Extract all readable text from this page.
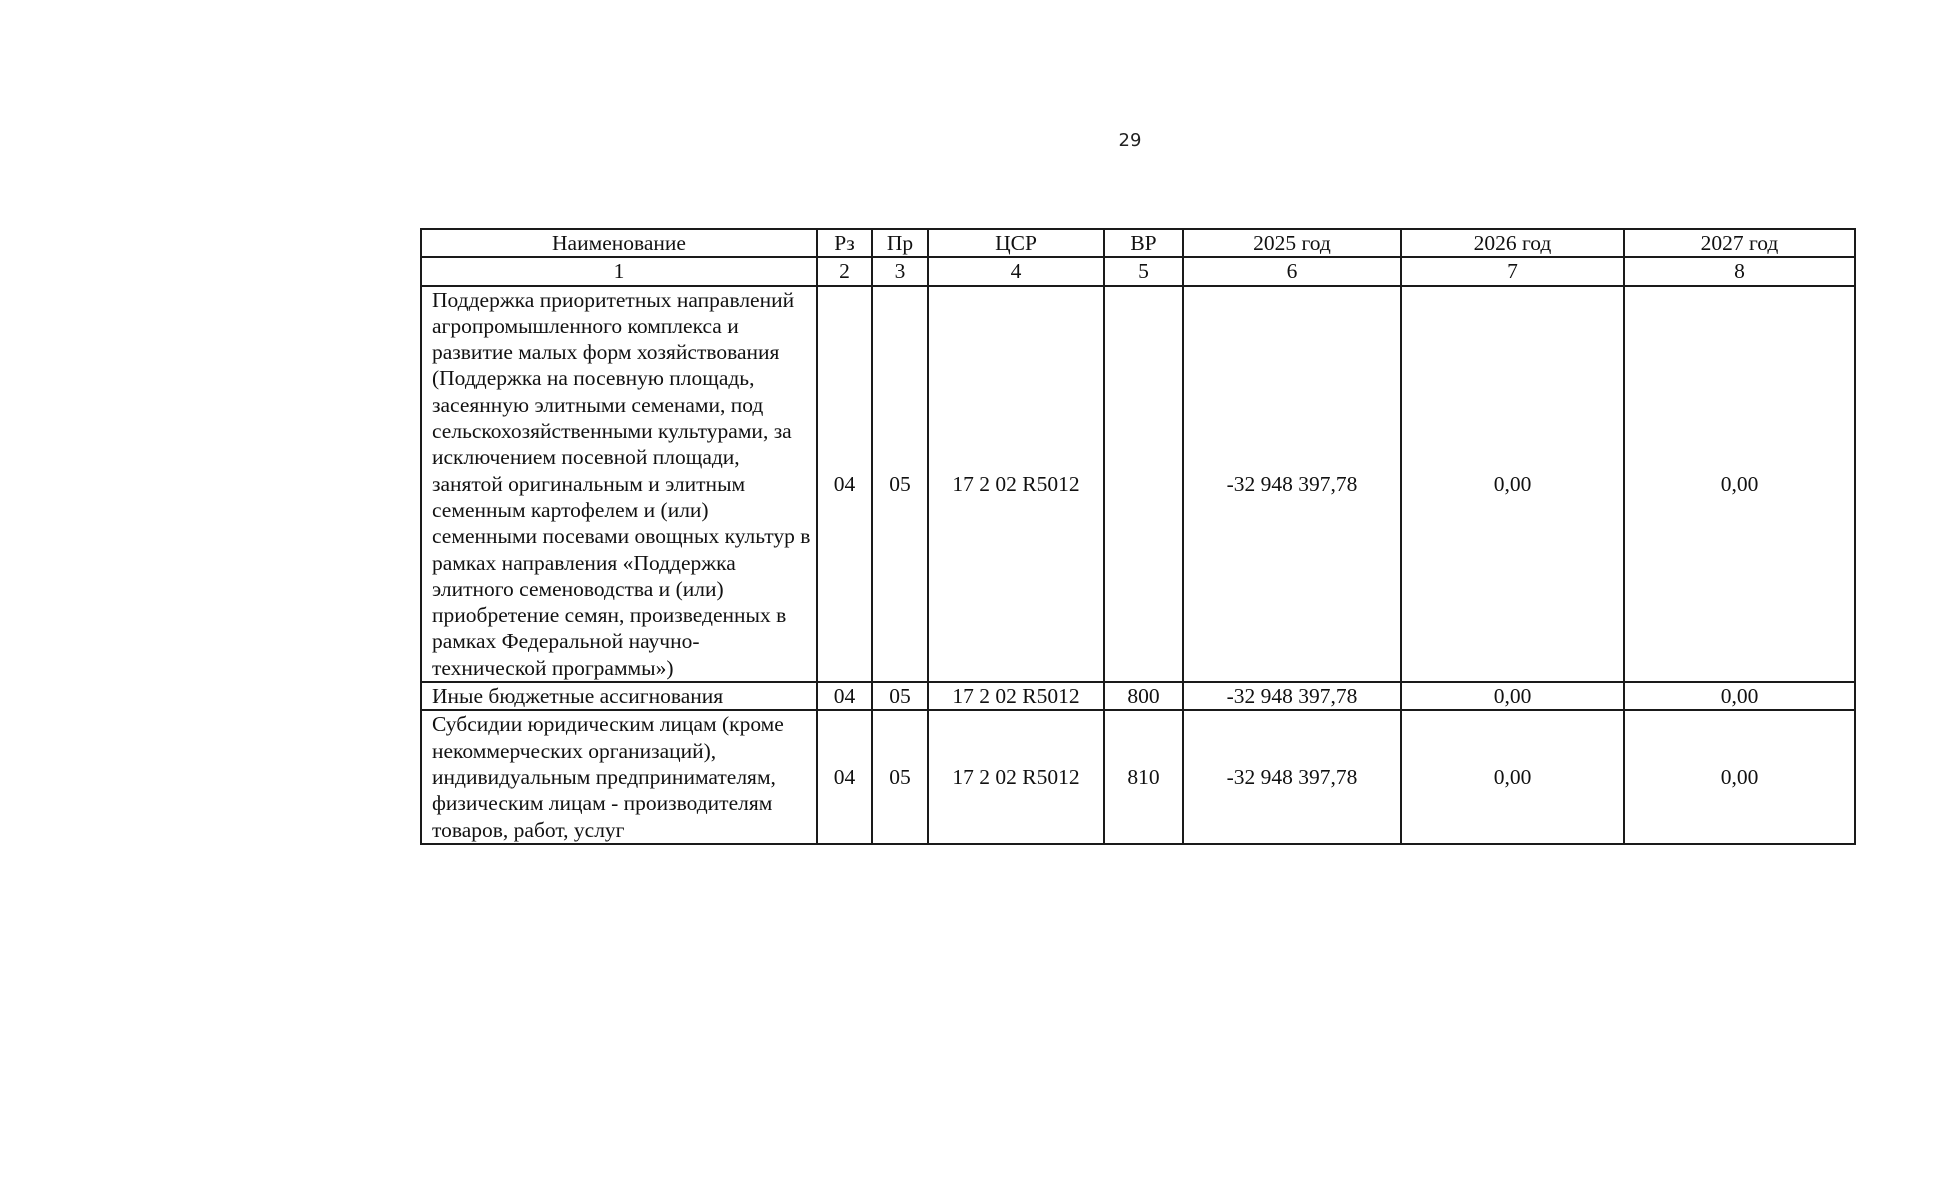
29
Наименование	Рз	Пр	ЦСР	ВР	2025 год	2026 год	2027 год
1	2	3	4	5	6	7	8
Поддержка приоритетных направлений агропромышленного комплекса и развитие малых форм хозяйствования (Поддержка на посевную площадь, засеянную элитными семенами, под сельскохозяйственными культурами, за исключением посевной площади, занятой оригинальным и элитным семенным картофелем и (или) семенными посевами овощных культур в рамках направления «Поддержка элитного семеноводства и (или) приобретение семян, произведенных в рамках Федеральной научно-технической программы»)	04	05	17 2 02 R5012		-32 948 397,78	0,00	0,00
Иные бюджетные ассигнования	04	05	17 2 02 R5012	800	-32 948 397,78	0,00	0,00
Субсидии юридическим лицам (кроме некоммерческих организаций), индивидуальным предпринимателям, физическим лицам - производителям товаров, работ, услуг	04	05	17 2 02 R5012	810	-32 948 397,78	0,00	0,00
